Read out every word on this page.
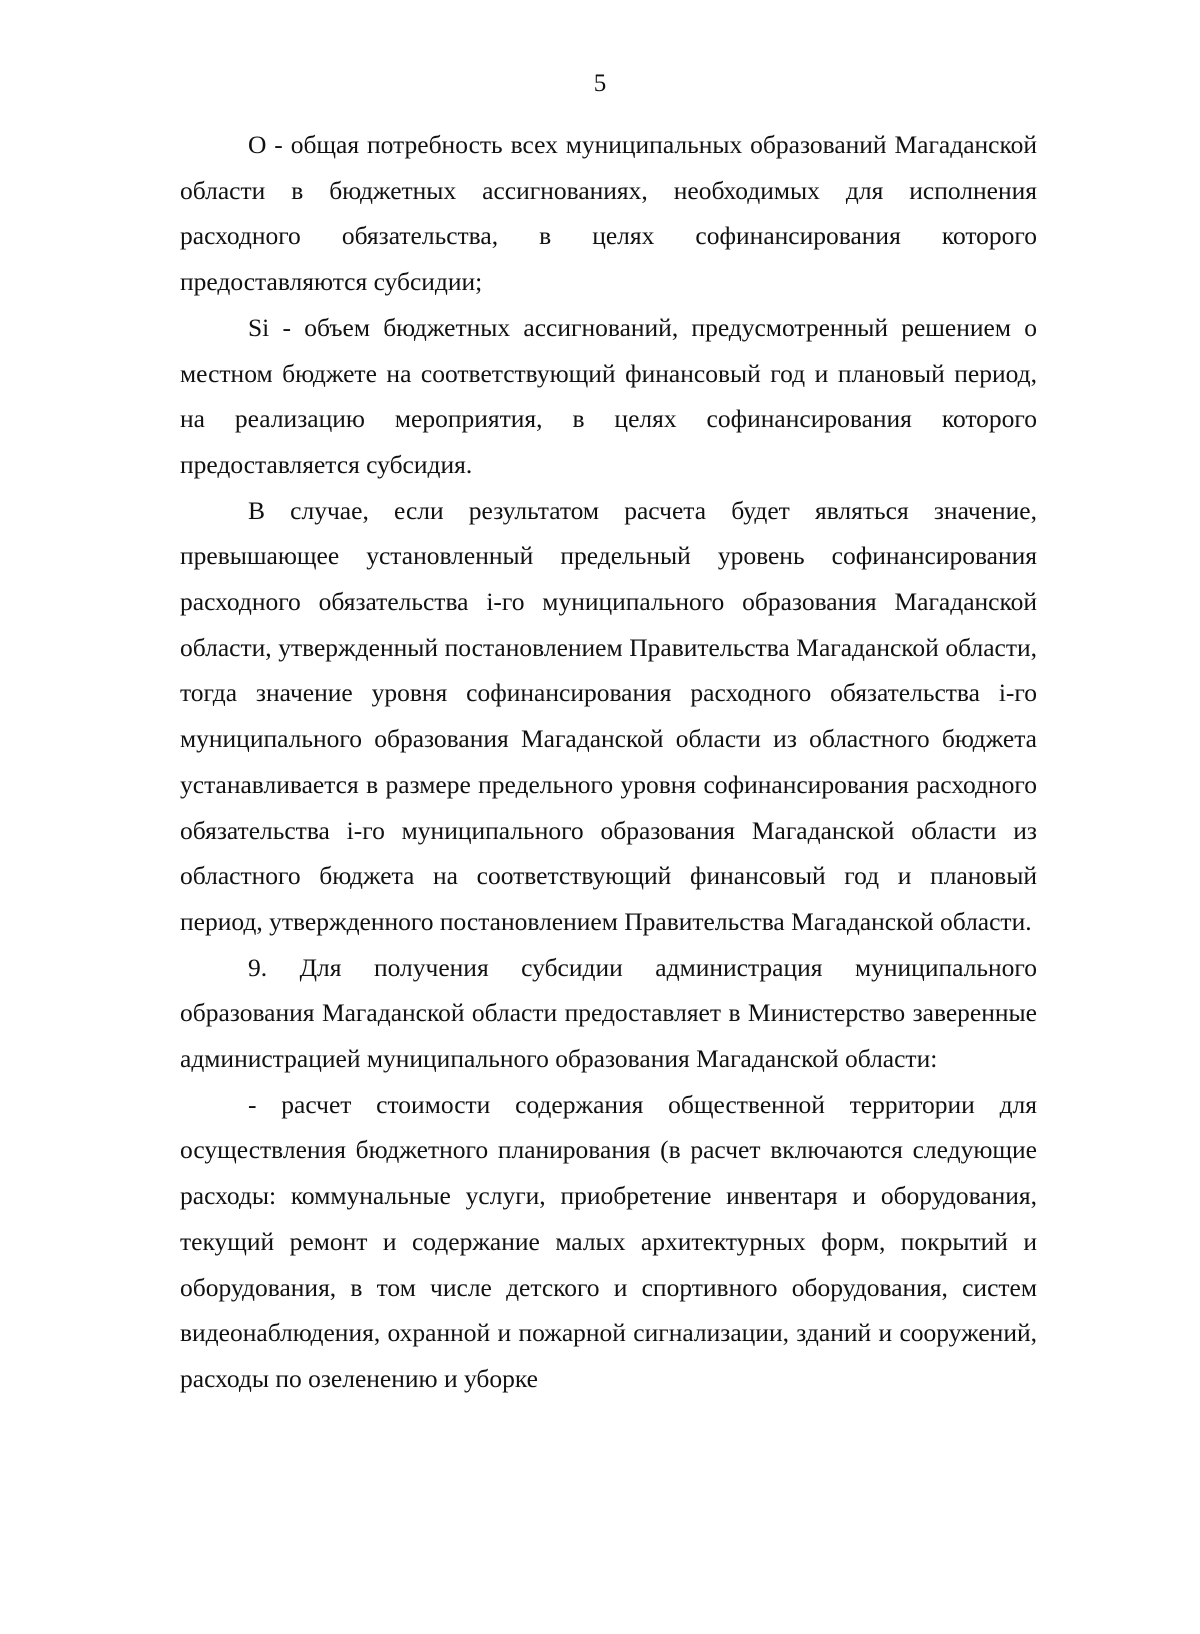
5

О - общая потребность всех муниципальных образований Магаданской области в бюджетных ассигнованиях, необходимых для исполнения расходного обязательства, в целях софинансирования которого предоставляются субсидии;

Si - объем бюджетных ассигнований, предусмотренный решением о местном бюджете на соответствующий финансовый год и плановый период, на реализацию мероприятия, в целях софинансирования которого предоставляется субсидия.

В случае, если результатом расчета будет являться значение, превышающее установленный предельный уровень софинансирования расходного обязательства i-го муниципального образования Магаданской области, утвержденный постановлением Правительства Магаданской области, тогда значение уровня софинансирования расходного обязательства i-го муниципального образования Магаданской области из областного бюджета устанавливается в размере предельного уровня софинансирования расходного обязательства i-го муниципального образования Магаданской области из областного бюджета на соответствующий финансовый год и плановый период, утвержденного постановлением Правительства Магаданской области.

9. Для получения субсидии администрация муниципального образования Магаданской области предоставляет в Министерство заверенные администрацией муниципального образования Магаданской области:

- расчет стоимости содержания общественной территории для осуществления бюджетного планирования (в расчет включаются следующие расходы: коммунальные услуги, приобретение инвентаря и оборудования, текущий ремонт и содержание малых архитектурных форм, покрытий и оборудования, в том числе детского и спортивного оборудования, систем видеонаблюдения, охранной и пожарной сигнализации, зданий и сооружений, расходы по озеленению и уборке
